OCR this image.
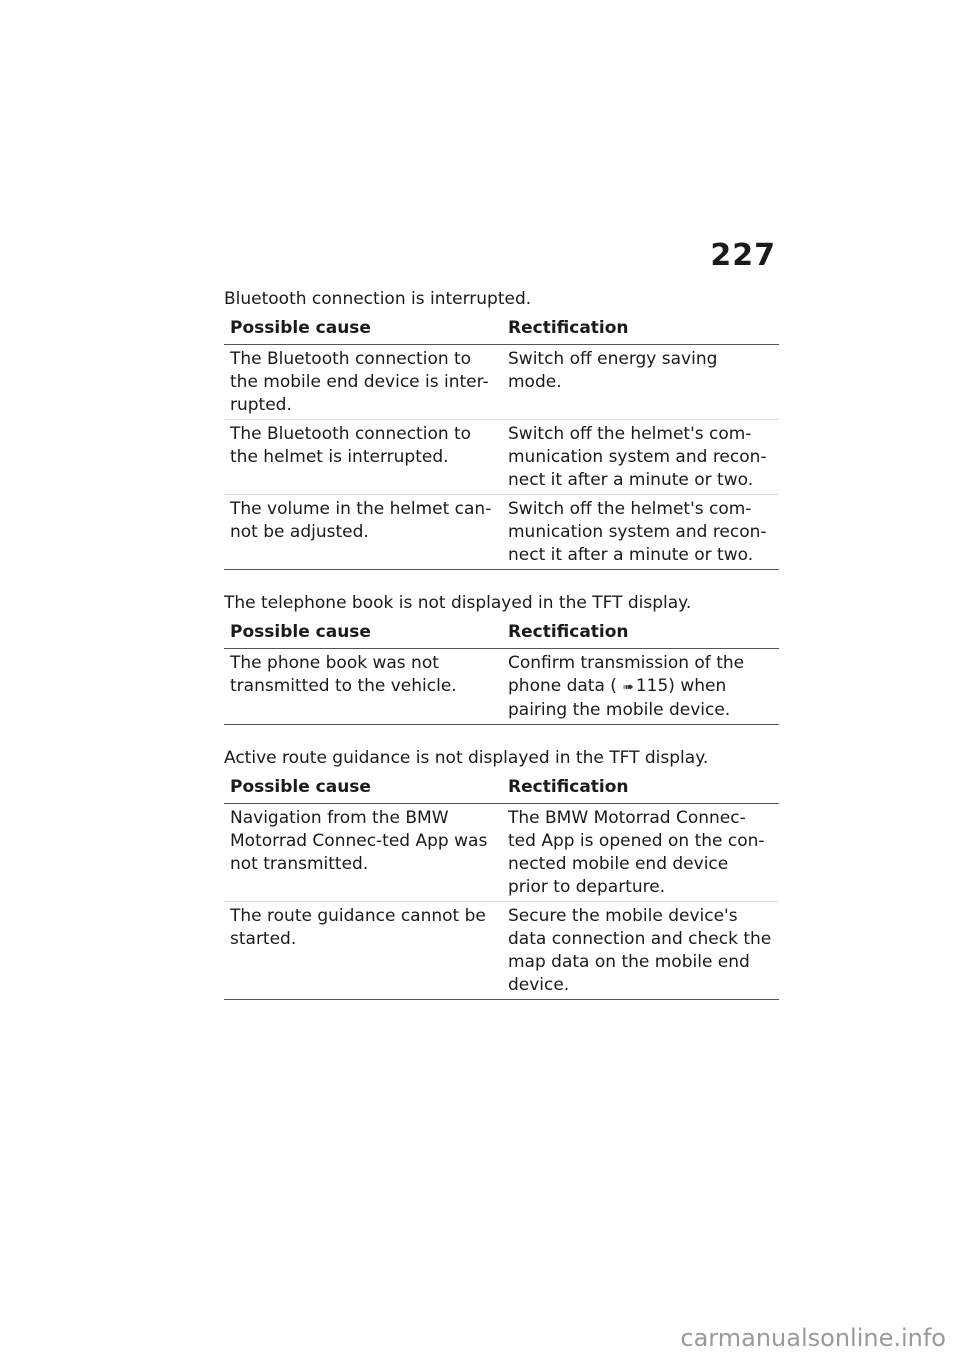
227

Bluetooth connection is interrupted.

Possible cause	Rectification
The Bluetooth connection to the mobile end device is inter-rupted.	Switch off energy saving mode.
The Bluetooth connection to the helmet is interrupted.	Switch off the helmet's com-munication system and recon-nect it after a minute or two.
The volume in the helmet can-not be adjusted.	Switch off the helmet's com-munication system and recon-nect it after a minute or two.

The telephone book is not displayed in the TFT display.

Possible cause	Rectification
The phone book was not transmitted to the vehicle.	Confirm transmission of the phone data ( ➠ 115) when pairing the mobile device.

Active route guidance is not displayed in the TFT display.

Possible cause	Rectification
Navigation from the BMW Motorrad Connec-ted App was not transmitted.	The BMW Motorrad Connec-ted App is opened on the con-nected mobile end device prior to departure.
The route guidance cannot be started.	Secure the mobile device's data connection and check the map data on the mobile end device.
carmanualsonline.info
